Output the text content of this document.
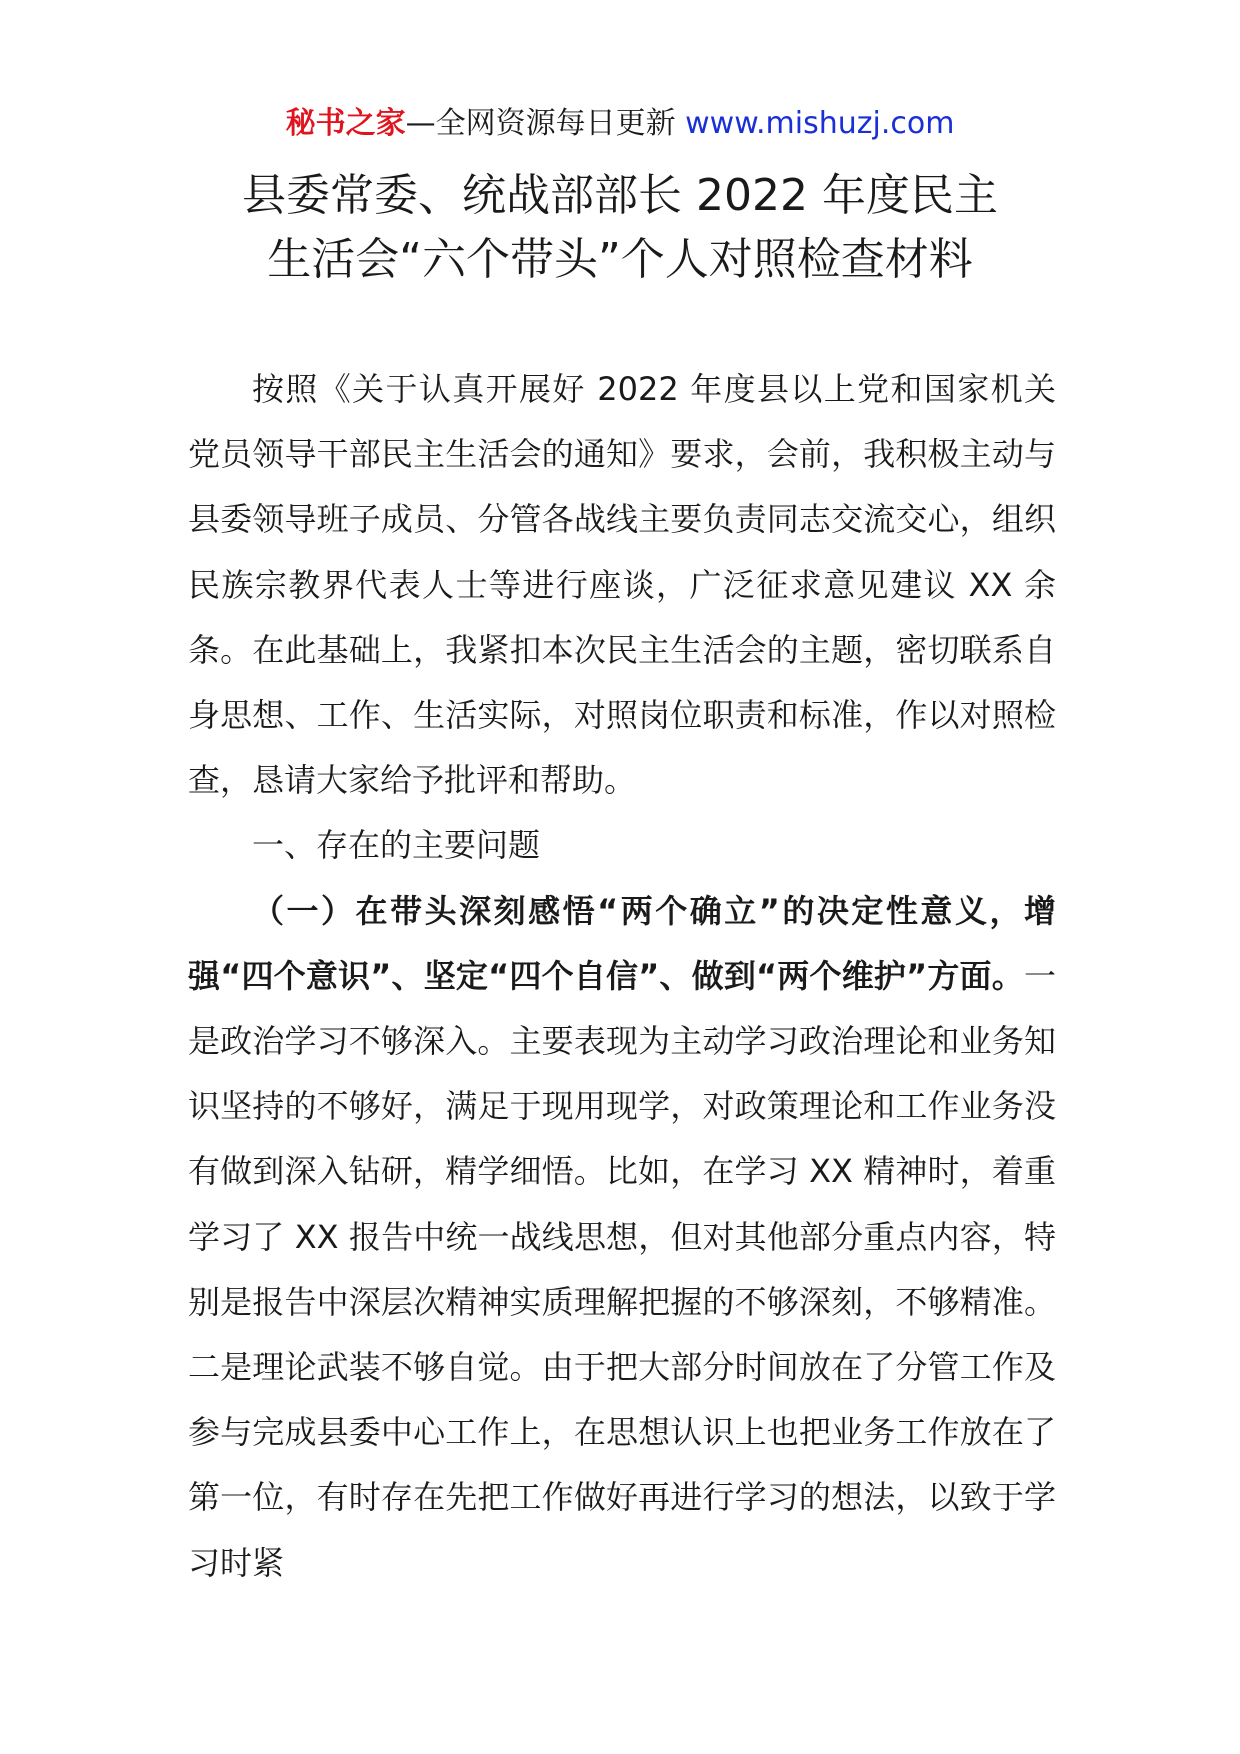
秘书之家—全网资源每日更新 www.mishuzj.com
县委常委、统战部部长 2022 年度民主
生活会“六个带头”个人对照检查材料

按照《关于认真开展好 2022 年度县以上党和国家机关党员领导干部民主生活会的通知》要求，会前，我积极主动与县委领导班子成员、分管各战线主要负责同志交流交心，组织民族宗教界代表人士等进行座谈，广泛征求意见建议 XX 余条。在此基础上，我紧扣本次民主生活会的主题，密切联系自身思想、工作、生活实际，对照岗位职责和标准，作以对照检查，恳请大家给予批评和帮助。

一、存在的主要问题

（一）在带头深刻感悟“两个确立”的决定性意义，增强“四个意识”、坚定“四个自信”、做到“两个维护”方面。一是政治学习不够深入。主要表现为主动学习政治理论和业务知识坚持的不够好，满足于现用现学，对政策理论和工作业务没有做到深入钻研，精学细悟。比如，在学习 XX 精神时，着重学习了 XX 报告中统一战线思想，但对其他部分重点内容，特别是报告中深层次精神实质理解把握的不够深刻，不够精准。二是理论武装不够自觉。由于把大部分时间放在了分管工作及参与完成县委中心工作上，在思想认识上也把业务工作放在了第一位，有时存在先把工作做好再进行学习的想法，以致于学习时紧
